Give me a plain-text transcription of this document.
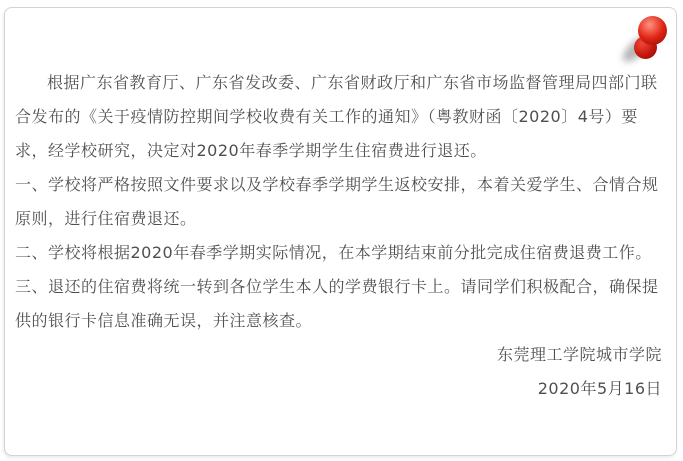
根据广东省教育厅、广东省发改委、广东省财政厅和广东省市场监督管理局四部门联合发布的《关于疫情防控期间学校收费有关工作的通知》（粤教财函〔2020〕4号）要求，经学校研究，决定对2020年春季学期学生住宿费进行退还。

一、学校将严格按照文件要求以及学校春季学期学生返校安排，本着关爱学生、合情合规原则，进行住宿费退还。

二、学校将根据2020年春季学期实际情况，在本学期结束前分批完成住宿费退费工作。

三、退还的住宿费将统一转到各位学生本人的学费银行卡上。请同学们积极配合，确保提供的银行卡信息准确无误，并注意核查。

东莞理工学院城市学院

2020年5月16日
